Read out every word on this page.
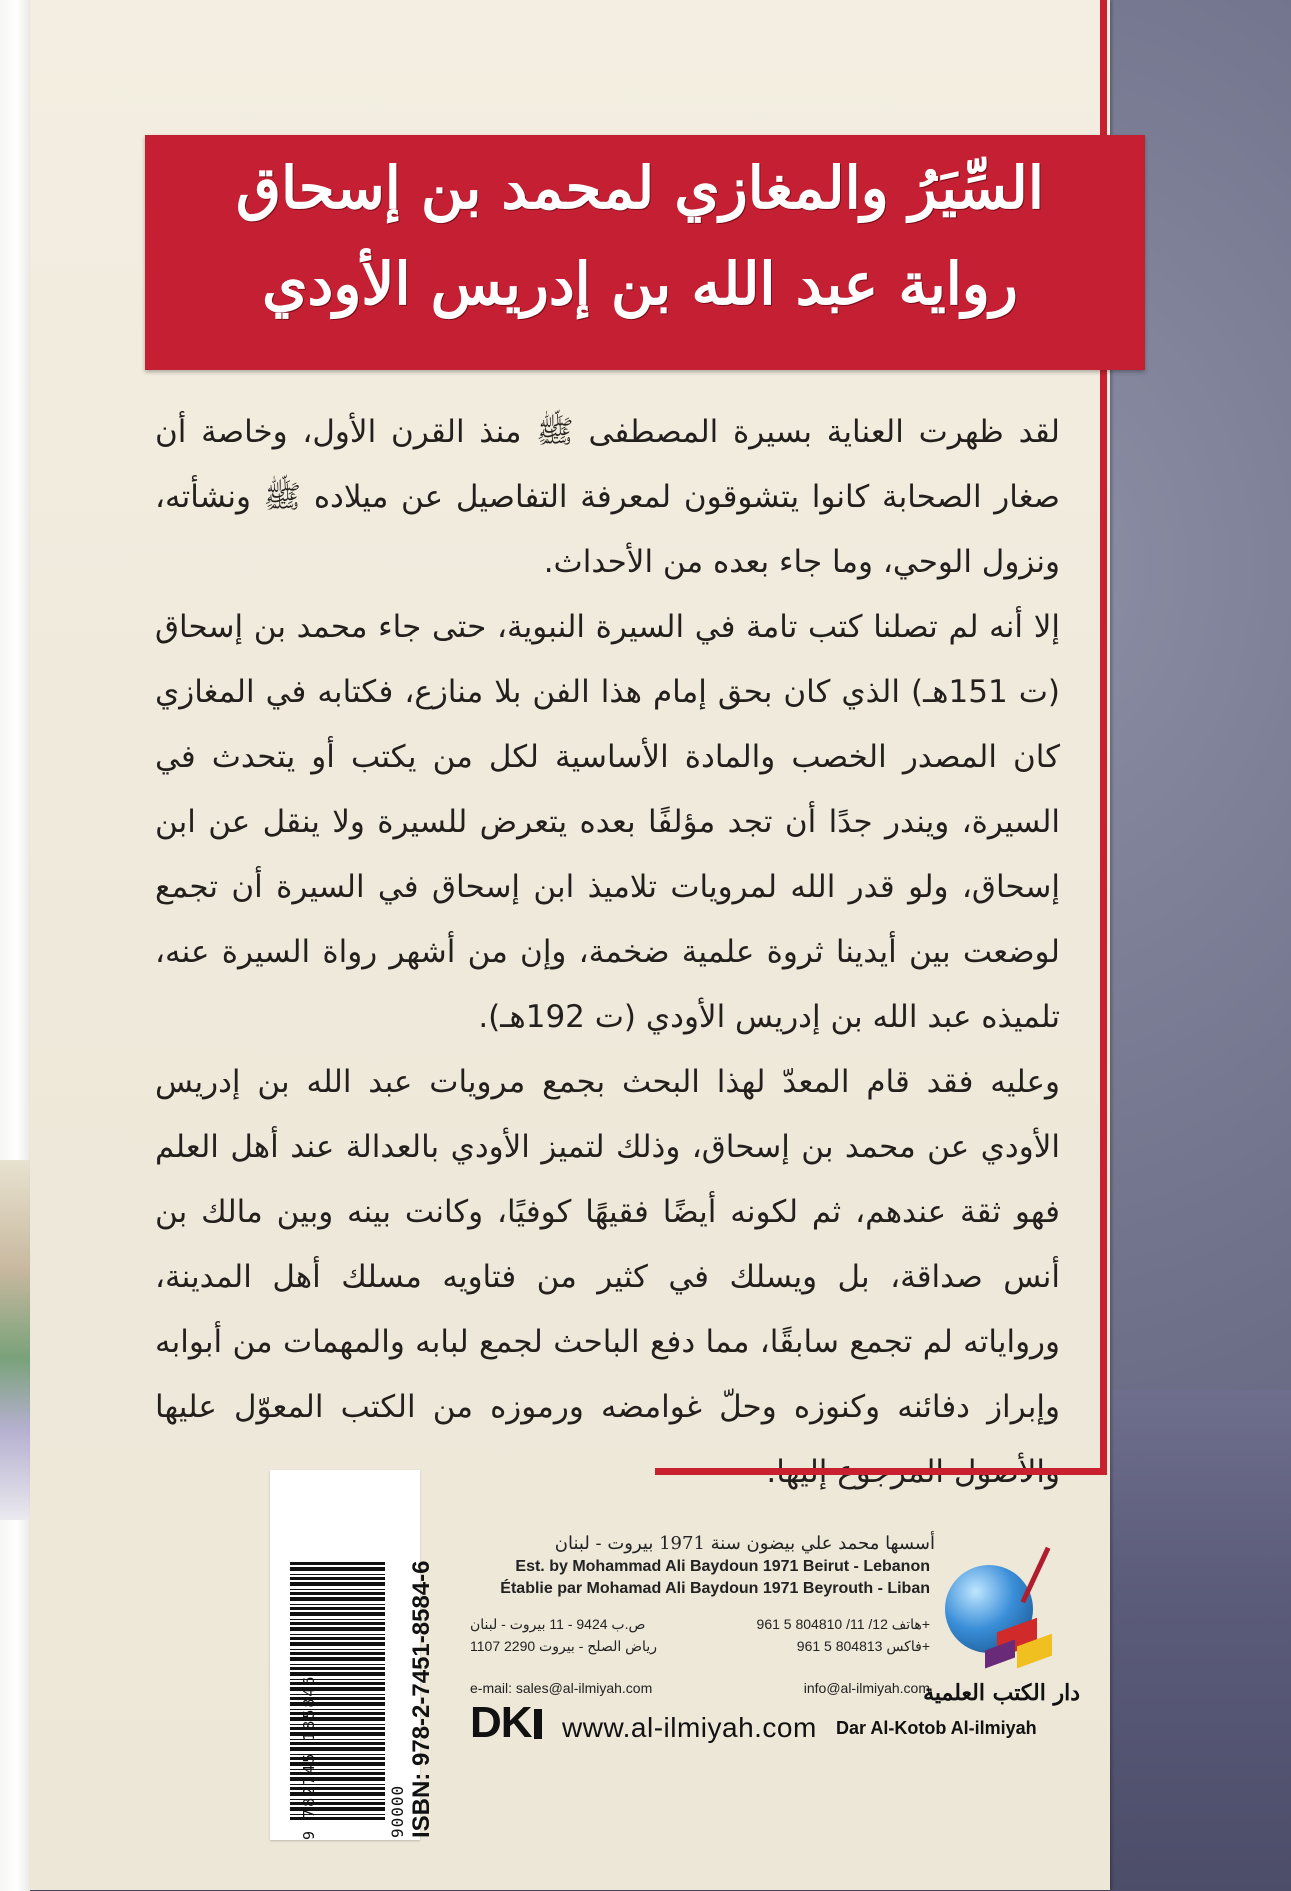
السِّيَرُ والمغازي لمحمد بن إسحاق
رواية عبد الله بن إدريس الأودي

لقد ظهرت العناية بسيرة المصطفى ﷺ منذ القرن الأول، وخاصة أن صغار الصحابة كانوا يتشوقون لمعرفة التفاصيل عن ميلاده ﷺ ونشأته، ونزول الوحي، وما جاء بعده من الأحداث.

إلا أنه لم تصلنا كتب تامة في السيرة النبوية، حتى جاء محمد بن إسحاق (ت 151هـ) الذي كان بحق إمام هذا الفن بلا منازع، فكتابه في المغازي كان المصدر الخصب والمادة الأساسية لكل من يكتب أو يتحدث في السيرة، ويندر جدًا أن تجد مؤلفًا بعده يتعرض للسيرة ولا ينقل عن ابن إسحاق، ولو قدر الله لمرويات تلاميذ ابن إسحاق في السيرة أن تجمع لوضعت بين أيدينا ثروة علمية ضخمة، وإن من أشهر رواة السيرة عنه، تلميذه عبد الله بن إدريس الأودي (ت 192هـ).

وعليه فقد قام المعدّ لهذا البحث بجمع مرويات عبد الله بن إدريس الأودي عن محمد بن إسحاق، وذلك لتميز الأودي بالعدالة عند أهل العلم فهو ثقة عندهم، ثم لكونه أيضًا فقيهًا كوفيًا، وكانت بينه وبين مالك بن أنس صداقة، بل ويسلك في كثير من فتاويه مسلك أهل المدينة، ورواياته لم تجمع سابقًا، مما دفع الباحث لجمع لبابه والمهمات من أبوابه وإبراز دفائنه وكنوزه وحلّ غوامضه ورموزه من الكتب المعوّل عليها

ISBN: 978-2-7451-8584-6
90000
9 782745 185846
أسسها محمد علي بيضون سنة 1971 بيروت - لبنان
Est. by Mohammad Ali Baydoun 1971 Beirut - Lebanon
Établie par Mohamad Ali Baydoun 1971 Beyrouth - Liban
هاتف 12/ 11/ 804810 5 961+
فاكس 804813 5 961+
ص.ب 9424 - 11 بيروت - لبنان
رياض الصلح - بيروت 2290 1107
e-mail: sales@al-ilmiyah.com	info@al-ilmiyah.com
DK	www.al-ilmiyah.com Dar Al-Kotob Al-ilmiyah
دار الكتب العلمية
